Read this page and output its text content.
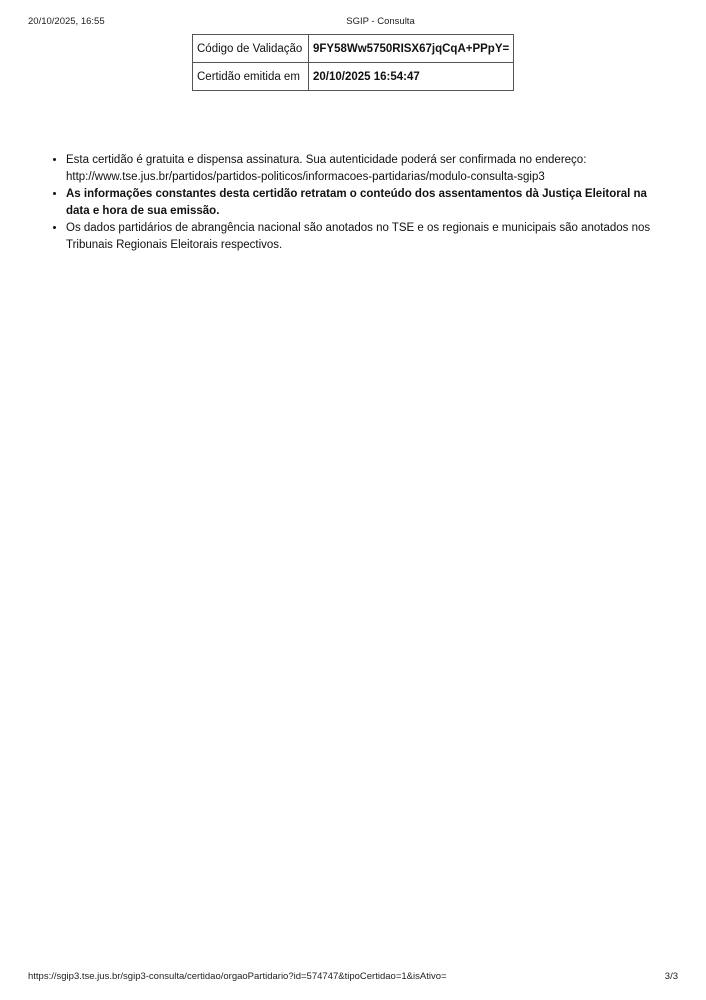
20/10/2025, 16:55	SGIP - Consulta
Código de Validação	9FY58Ww5750RISX67jqCqA+PPpY=
Certidão emitida em	20/10/2025 16:54:47
• Esta certidão é gratuita e dispensa assinatura. Sua autenticidade poderá ser confirmada no endereço:
http://www.tse.jus.br/partidos/partidos-politicos/informacoes-partidarias/modulo-consulta-sgip3
• As informações constantes desta certidão retratam o conteúdo dos assentamentos dà Justiça Eleitoral na data e hora de sua emissão.
• Os dados partidários de abrangência nacional são anotados no TSE e os regionais e municipais são anotados nos Tribunais Regionais Eleitorais respectivos.
https://sgip3.tse.jus.br/sgip3-consulta/certidao/orgaoPartidario?id=574747&tipoCertidao=1&isAtivo=	3/3
